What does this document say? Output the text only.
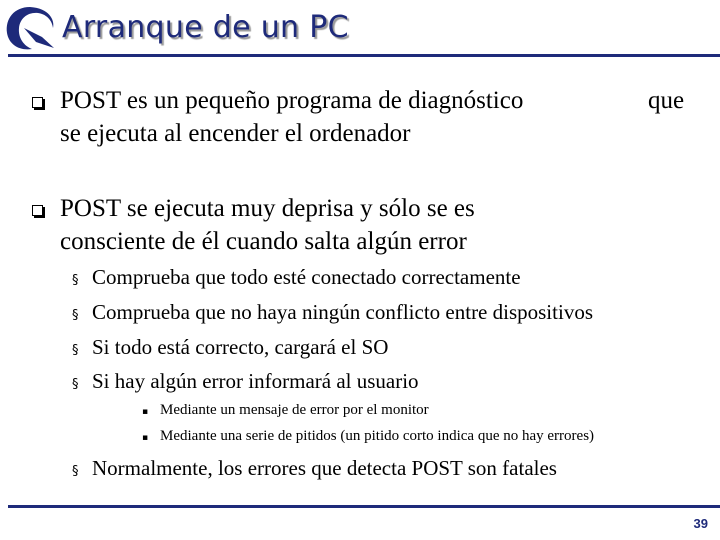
Arranque de un PC
POST es un pequeño programa de diagnóstico	que
se ejecuta al encender el ordenador
POST se ejecuta muy deprisa y sólo se es
consciente de él cuando salta algún error
§ Comprueba que todo esté conectado correctamente
§ Comprueba que no haya ningún conflicto entre dispositivos
§ Si todo está correcto, cargará el SO
§ Si hay algún error informará al usuario
▪ Mediante un mensaje de error por el monitor
▪ Mediante una serie de pitidos (un pitido corto indica que no hay errores)
§ Normalmente, los errores que detecta POST son fatales
39
